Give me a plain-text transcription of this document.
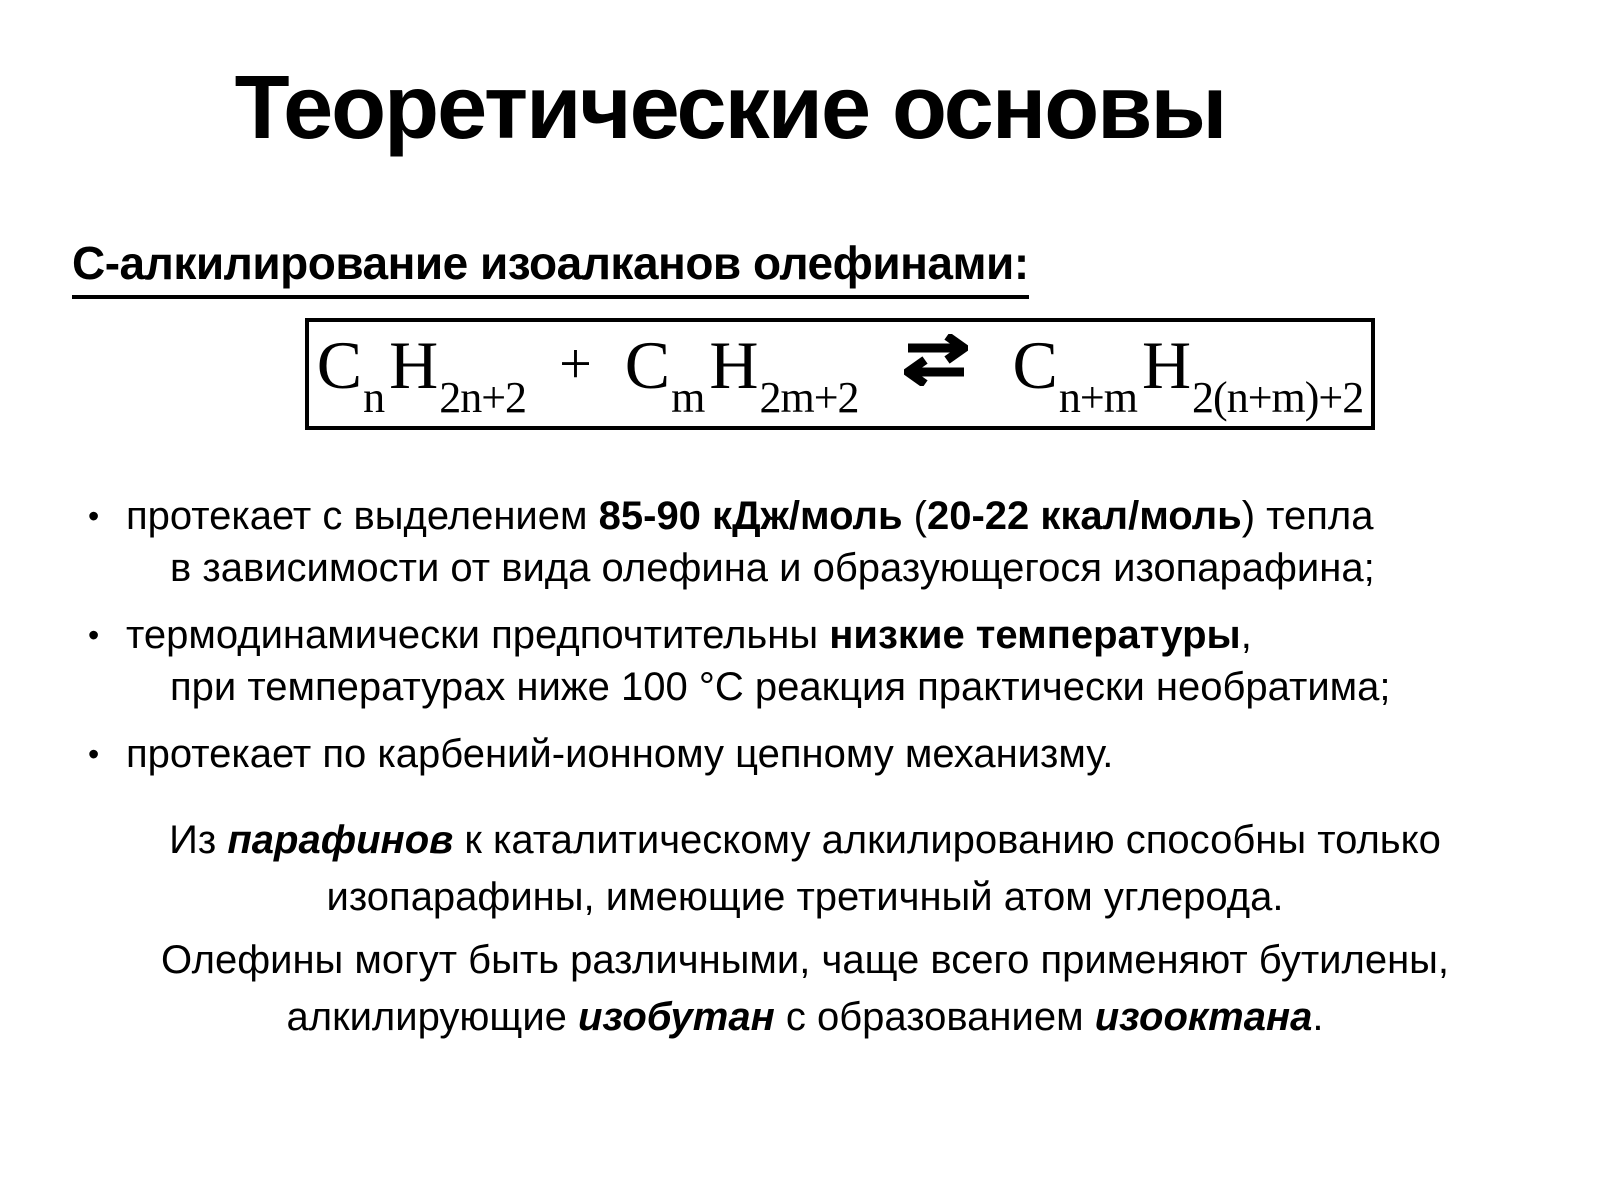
Теоретические основы
С-алкилирование изоалканов олефинами:
$C_nH_{2n+2} + C_mH_{2m+2}$ ⇌ $C_{n+m}H_{2(n+m)+2}$
• протекает с выделением 85-90 кДж/моль (20-22 ккал/моль) тепла
в зависимости от вида олефина и образующегося изопарафина;
• термодинамически предпочтительны низкие температуры,
при температурах ниже 100 °С реакция практически необратима;
• протекает по карбений-ионному цепному механизму.
Из парафинов к каталитическому алкилированию способны только
изопарафины, имеющие третичный атом углерода.
Олефины могут быть различными, чаще всего применяют бутилены,
алкилирующие изобутан с образованием изооктана.
